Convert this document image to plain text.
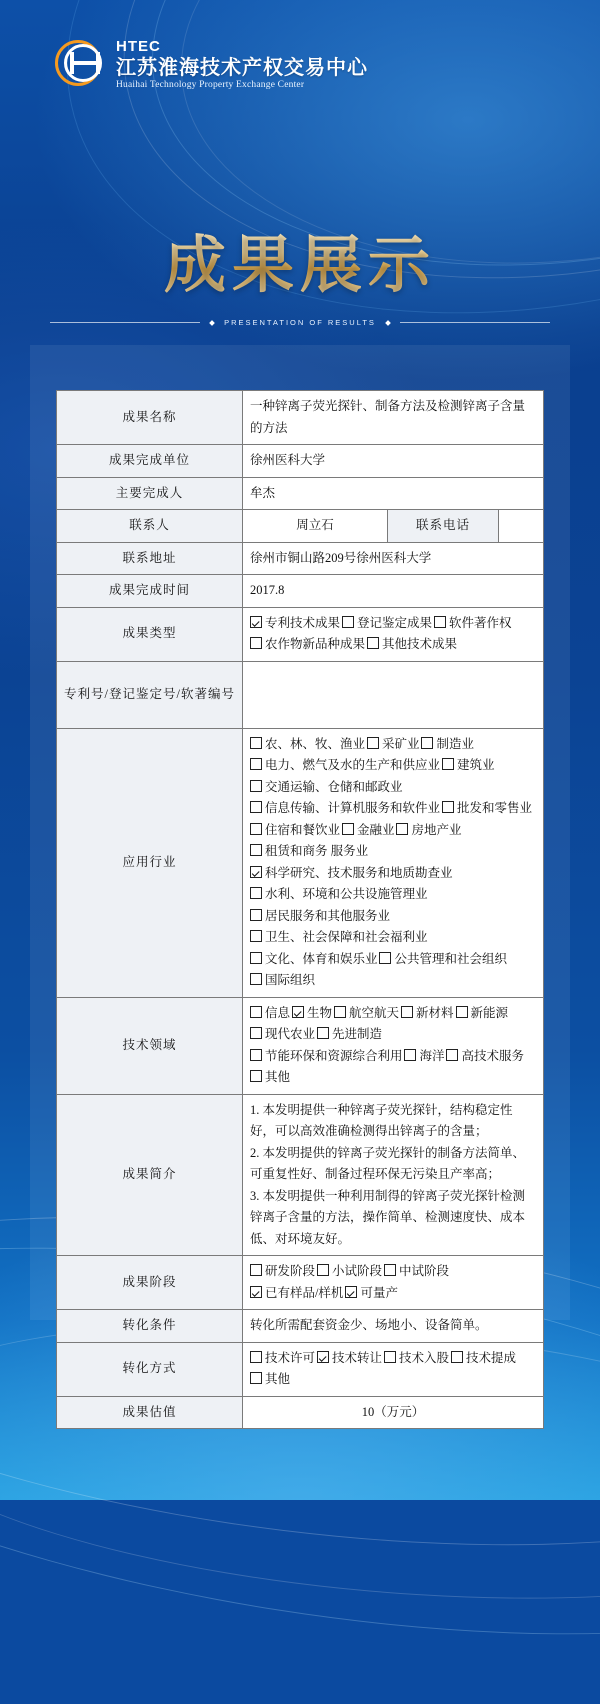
HTEC
江苏淮海技术产权交易中心
Huaihai Technology Property Exchange Center
成果展示
PRESENTATION OF RESULTS
成果名称	一种锌离子荧光探针、制备方法及检测锌离子含量的方法		
成果完成单位	徐州医科大学		
主要完成人	牟杰		
联系人	周立石	联系电话	
联系地址	徐州市铜山路209号徐州医科大学		
成果完成时间	2017.8		
成果类型	专利技术成果 登记鉴定成果 软件著作权农作物新品种成果 其他技术成果		
专利号/登记鉴定号/软著编号			
应用行业	农、林、牧、渔业 采矿业 制造业电力、燃气及水的生产和供应业 建筑业交通运输、仓储和邮政业信息传输、计算机服务和软件业 批发和零售业住宿和餐饮业 金融业 房地产业租赁和商务 服务业科学研究、技术服务和地质勘查业水利、环境和公共设施管理业居民服务和其他服务业卫生、社会保障和社会福利业文化、体育和娱乐业 公共管理和社会组织国际组织		
技术领域	信息 生物 航空航天 新材料 新能源现代农业 先进制造节能环保和资源综合利用 海洋 高技术服务其他		
成果简介	1. 本发明提供一种锌离子荧光探针，结构稳定性好，可以高效准确检测得出锌离子的含量；

2. 本发明提供的锌离子荧光探针的制备方法简单、可重复性好、制备过程环保无污染且产率高；

3. 本发明提供一种利用制得的锌离子荧光探针检测锌离子含量的方法，操作简单、检测速度快、成本低、对环境友好。		

成果阶段	研发阶段 小试阶段 中试阶段已有样品/样机 可量产		
转化条件	转化所需配套资金少、场地小、设备简单。		
转化方式	技术许可 技术转让 技术入股 技术提成其他		
成果估值	10（万元）		
